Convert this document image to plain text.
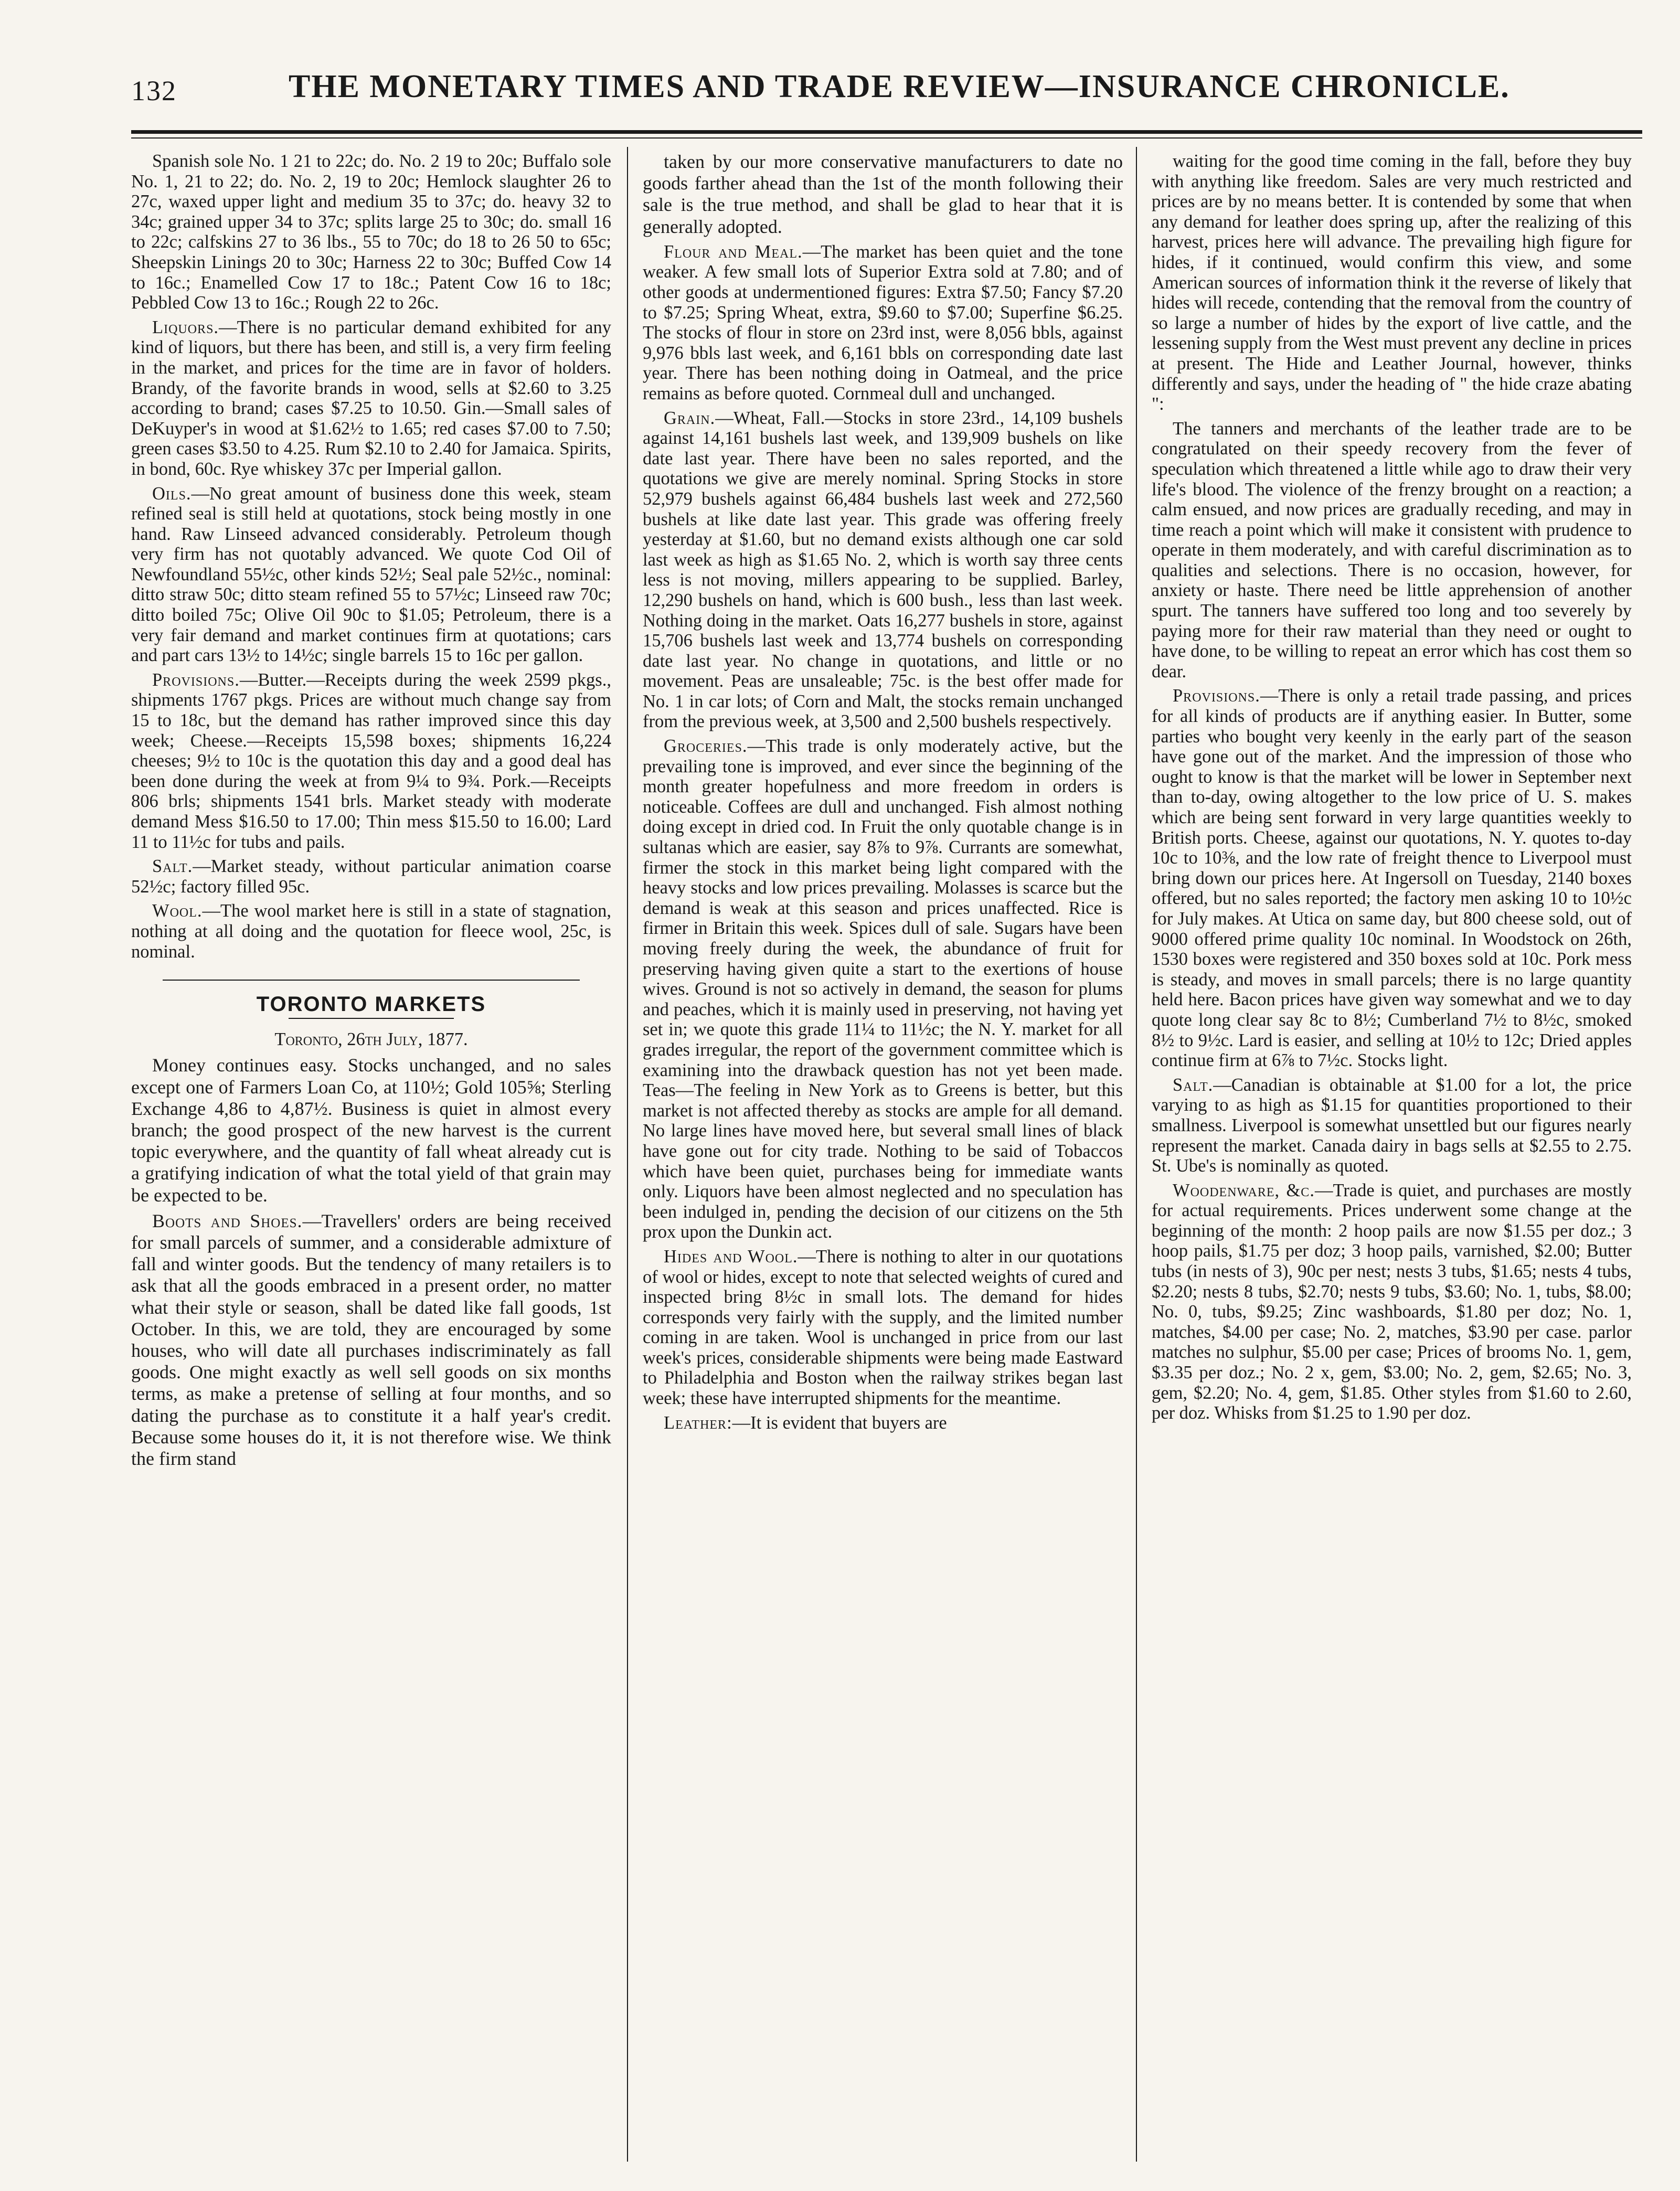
132	THE MONETARY TIMES AND TRADE REVIEW—INSURANCE CHRONICLE.

Spanish sole No. 1 21 to 22c; do. No. 2 19 to 20c; Buffalo sole No. 1, 21 to 22; do. No. 2, 19 to 20c; Hemlock slaughter 26 to 27c, waxed upper light and medium 35 to 37c; do. heavy 32 to 34c; grained upper 34 to 37c; splits large 25 to 30c; do. small 16 to 22c; calfskins 27 to 36 lbs., 55 to 70c; do 18 to 26 50 to 65c; Sheepskin Linings 20 to 30c; Harness 22 to 30c; Buffed Cow 14 to 16c.; Enamelled Cow 17 to 18c.; Patent Cow 16 to 18c; Pebbled Cow 13 to 16c.; Rough 22 to 26c.

Liquors.—There is no particular demand exhibited for any kind of liquors, but there has been, and still is, a very firm feeling in the market, and prices for the time are in favor of holders. Brandy, of the favorite brands in wood, sells at $2.60 to 3.25 according to brand; cases $7.25 to 10.50. Gin.—Small sales of DeKuyper's in wood at $1.62½ to 1.65; red cases $7.00 to 7.50; green cases $3.50 to 4.25. Rum $2.10 to 2.40 for Jamaica. Spirits, in bond, 60c. Rye whiskey 37c per Imperial gallon.

Oils.—No great amount of business done this week, steam refined seal is still held at quotations, stock being mostly in one hand. Raw Linseed advanced considerably. Petroleum though very firm has not quotably advanced. We quote Cod Oil of Newfoundland 55½c, other kinds 52½; Seal pale 52½c., nominal: ditto straw 50c; ditto steam refined 55 to 57½c; Linseed raw 70c; ditto boiled 75c; Olive Oil 90c to $1.05; Petroleum, there is a very fair demand and market continues firm at quotations; cars and part cars 13½ to 14½c; single barrels 15 to 16c per gallon.

Provisions.—Butter.—Receipts during the week 2599 pkgs., shipments 1767 pkgs. Prices are without much change say from 15 to 18c, but the demand has rather improved since this day week; Cheese.—Receipts 15,598 boxes; shipments 16,224 cheeses; 9½ to 10c is the quotation this day and a good deal has been done during the week at from 9¼ to 9¾. Pork.—Receipts 806 brls; shipments 1541 brls. Market steady with moderate demand Mess $16.50 to 17.00; Thin mess $15.50 to 16.00; Lard 11 to 11½c for tubs and pails.

Salt.—Market steady, without particular animation coarse 52½c; factory filled 95c.

Wool.—The wool market here is still in a state of stagnation, nothing at all doing and the quotation for fleece wool, 25c, is nominal.

TORONTO MARKETS

Toronto, 26th July, 1877.

Money continues easy. Stocks unchanged, and no sales except one of Farmers Loan Co, at 110½; Gold 105⅝; Sterling Exchange 4,86 to 4,87½. Business is quiet in almost every branch; the good prospect of the new harvest is the current topic everywhere, and the quantity of fall wheat already cut is a gratifying indication of what the total yield of that grain may be expected to be.

Boots and Shoes.—Travellers' orders are being received for small parcels of summer, and a considerable admixture of fall and winter goods. But the tendency of many retailers is to ask that all the goods embraced in a present order, no matter what their style or season, shall be dated like fall goods, 1st October. In this, we are told, they are encouraged by some houses, who will date all purchases indiscriminately as fall goods. One might exactly as well sell goods on six months terms, as make a pretense of selling at four months, and so dating the purchase as to constitute it a half year's credit. Because some houses do it, it is not therefore wise. We think the firm stand

taken by our more conservative manufacturers to date no goods farther ahead than the 1st of the month following their sale is the true method, and shall be glad to hear that it is generally adopted.

Flour and Meal.—The market has been quiet and the tone weaker. A few small lots of Superior Extra sold at 7.80; and of other goods at undermentioned figures: Extra $7.50; Fancy $7.20 to $7.25; Spring Wheat, extra, $9.60 to $7.00; Superfine $6.25. The stocks of flour in store on 23rd inst, were 8,056 bbls, against 9,976 bbls last week, and 6,161 bbls on corresponding date last year. There has been nothing doing in Oatmeal, and the price remains as before quoted. Cornmeal dull and unchanged.

Grain.—Wheat, Fall.—Stocks in store 23rd., 14,109 bushels against 14,161 bushels last week, and 139,909 bushels on like date last year. There have been no sales reported, and the quotations we give are merely nominal. Spring Stocks in store 52,979 bushels against 66,484 bushels last week and 272,560 bushels at like date last year. This grade was offering freely yesterday at $1.60, but no demand exists although one car sold last week as high as $1.65 No. 2, which is worth say three cents less is not moving, millers appearing to be supplied. Barley, 12,290 bushels on hand, which is 600 bush., less than last week. Nothing doing in the market. Oats 16,277 bushels in store, against 15,706 bushels last week and 13,774 bushels on corresponding date last year. No change in quotations, and little or no movement. Peas are unsaleable; 75c. is the best offer made for No. 1 in car lots; of Corn and Malt, the stocks remain unchanged from the previous week, at 3,500 and 2,500 bushels respectively.

Groceries.—This trade is only moderately active, but the prevailing tone is improved, and ever since the beginning of the month greater hopefulness and more freedom in orders is noticeable. Coffees are dull and unchanged. Fish almost nothing doing except in dried cod. In Fruit the only quotable change is in sultanas which are easier, say 8⅞ to 9⅞. Currants are somewhat, firmer the stock in this market being light compared with the heavy stocks and low prices prevailing. Molasses is scarce but the demand is weak at this season and prices unaffected. Rice is firmer in Britain this week. Spices dull of sale. Sugars have been moving freely during the week, the abundance of fruit for preserving having given quite a start to the exertions of house wives. Ground is not so actively in demand, the season for plums and peaches, which it is mainly used in preserving, not having yet set in; we quote this grade 11¼ to 11½c; the N. Y. market for all grades irregular, the report of the government committee which is examining into the drawback question has not yet been made. Teas—The feeling in New York as to Greens is better, but this market is not affected thereby as stocks are ample for all demand. No large lines have moved here, but several small lines of black have gone out for city trade. Nothing to be said of Tobaccos which have been quiet, purchases being for immediate wants only. Liquors have been almost neglected and no speculation has been indulged in, pending the decision of our citizens on the 5th prox upon the Dunkin act.

Hides and Wool.—There is nothing to alter in our quotations of wool or hides, except to note that selected weights of cured and inspected bring 8½c in small lots. The demand for hides corresponds very fairly with the supply, and the limited number coming in are taken. Wool is unchanged in price from our last week's prices, considerable shipments were being made Eastward to Philadelphia and Boston when the railway strikes began last week; these have interrupted shipments for the meantime.

Leather:—It is evident that buyers are

waiting for the good time coming in the fall, before they buy with anything like freedom. Sales are very much restricted and prices are by no means better. It is contended by some that when any demand for leather does spring up, after the realizing of this harvest, prices here will advance. The prevailing high figure for hides, if it continued, would confirm this view, and some American sources of information think it the reverse of likely that hides will recede, contending that the removal from the country of so large a number of hides by the export of live cattle, and the lessening supply from the West must prevent any decline in prices at present. The Hide and Leather Journal, however, thinks differently and says, under the heading of " the hide craze abating ":

The tanners and merchants of the leather trade are to be congratulated on their speedy recovery from the fever of speculation which threatened a little while ago to draw their very life's blood. The violence of the frenzy brought on a reaction; a calm ensued, and now prices are gradually receding, and may in time reach a point which will make it consistent with prudence to operate in them moderately, and with careful discrimination as to qualities and selections. There is no occasion, however, for anxiety or haste. There need be little apprehension of another spurt. The tanners have suffered too long and too severely by paying more for their raw material than they need or ought to have done, to be willing to repeat an error which has cost them so dear.

Provisions.—There is only a retail trade passing, and prices for all kinds of products are if anything easier. In Butter, some parties who bought very keenly in the early part of the season have gone out of the market. And the impression of those who ought to know is that the market will be lower in September next than to-day, owing altogether to the low price of U. S. makes which are being sent forward in very large quantities weekly to British ports. Cheese, against our quotations, N. Y. quotes to-day 10c to 10⅜, and the low rate of freight thence to Liverpool must bring down our prices here. At Ingersoll on Tuesday, 2140 boxes offered, but no sales reported; the factory men asking 10 to 10½c for July makes. At Utica on same day, but 800 cheese sold, out of 9000 offered prime quality 10c nominal. In Woodstock on 26th, 1530 boxes were registered and 350 boxes sold at 10c. Pork mess is steady, and moves in small parcels; there is no large quantity held here. Bacon prices have given way somewhat and we to day quote long clear say 8c to 8½; Cumberland 7½ to 8½c, smoked 8½ to 9½c. Lard is easier, and selling at 10½ to 12c; Dried apples continue firm at 6⅞ to 7½c. Stocks light.

Salt.—Canadian is obtainable at $1.00 for a lot, the price varying to as high as $1.15 for quantities proportioned to their smallness. Liverpool is somewhat unsettled but our figures nearly represent the market. Canada dairy in bags sells at $2.55 to 2.75. St. Ube's is nominally as quoted.

Woodenware, &c.—Trade is quiet, and purchases are mostly for actual requirements. Prices underwent some change at the beginning of the month: 2 hoop pails are now $1.55 per doz.; 3 hoop pails, $1.75 per doz; 3 hoop pails, varnished, $2.00; Butter tubs (in nests of 3), 90c per nest; nests 3 tubs, $1.65; nests 4 tubs, $2.20; nests 8 tubs, $2.70; nests 9 tubs, $3.60; No. 1, tubs, $8.00; No. 0, tubs, $9.25; Zinc washboards, $1.80 per doz; No. 1, matches, $4.00 per case; No. 2, matches, $3.90 per case. parlor matches no sulphur, $5.00 per case; Prices of brooms No. 1, gem, $3.35 per doz.; No. 2 x, gem, $3.00; No. 2, gem, $2.65; No. 3, gem, $2.20; No. 4, gem, $1.85. Other styles from $1.60 to 2.60, per doz. Whisks from $1.25 to 1.90 per doz.
